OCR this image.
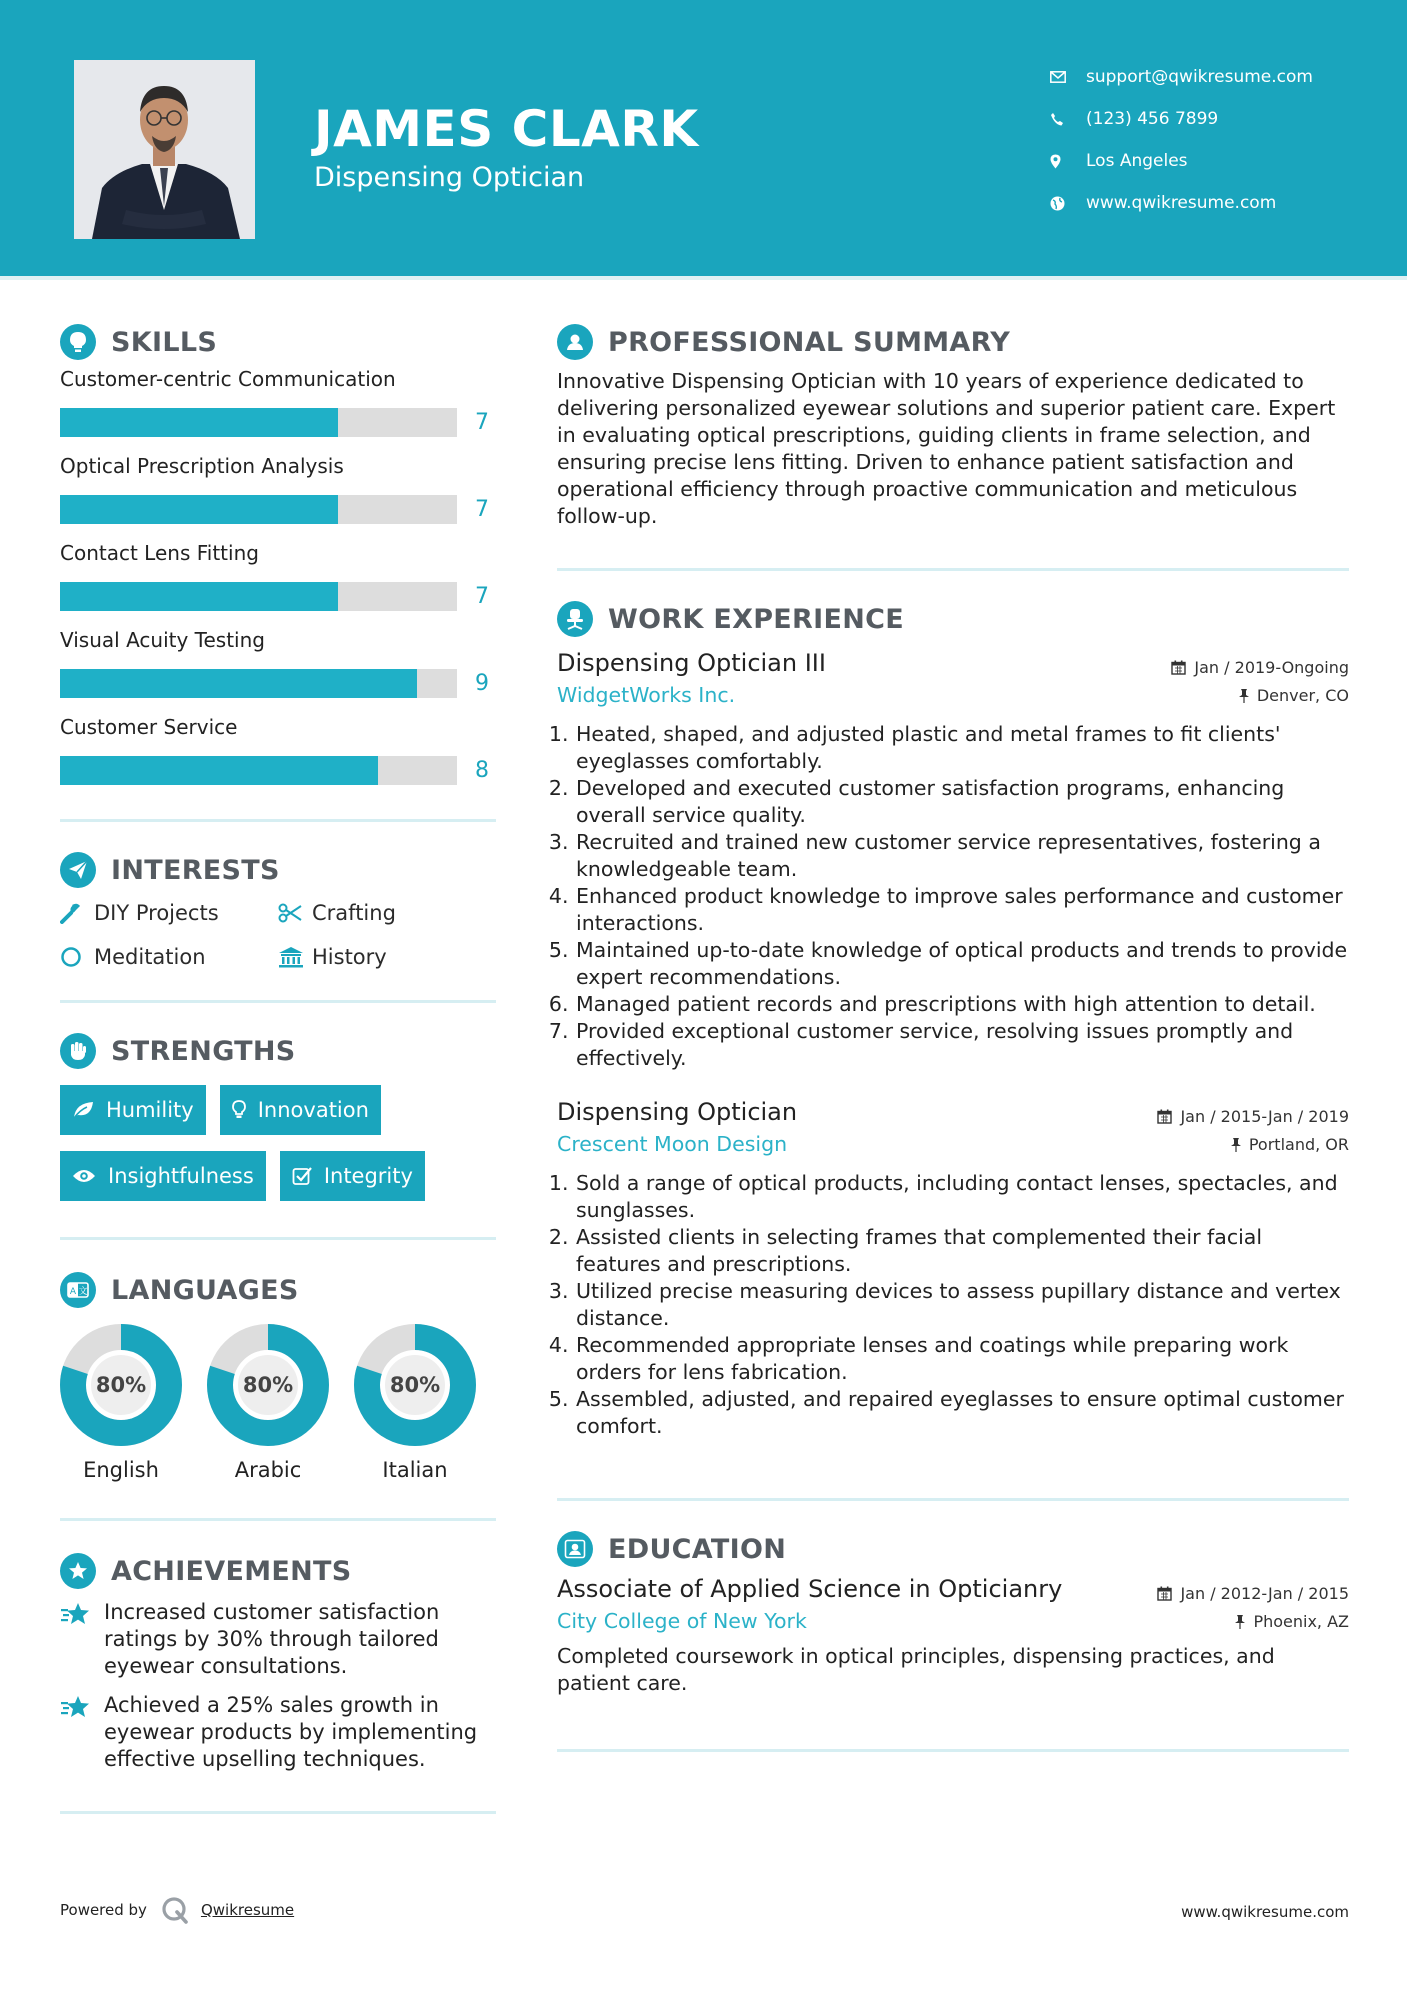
JAMES CLARK
Dispensing Optician
support@qwikresume.com
(123) 456 7899
Los Angeles
www.qwikresume.com
SKILLS
Customer-centric Communication
7
Optical Prescription Analysis
7
Contact Lens Fitting
7
Visual Acuity Testing
9
Customer Service
8
INTERESTS
DIY Projects	Crafting
Meditation	History
STRENGTHS
Humility	Innovation
Insightfulness	Integrity
A 文 LANGUAGES
80%
English
80%
Arabic
80%
Italian
ACHIEVEMENTS
Increased customer satisfaction ratings by 30% through tailored eyewear consultations.
Achieved a 25% sales growth in eyewear products by implementing effective upselling techniques.
PROFESSIONAL SUMMARY

Innovative Dispensing Optician with 10 years of experience dedicated to delivering personalized eyewear solutions and superior patient care. Expert in evaluating optical prescriptions, guiding clients in frame selection, and ensuring precise lens fitting. Driven to enhance patient satisfaction and operational efficiency through proactive communication and meticulous follow-up.

WORK EXPERIENCE
Dispensing Optician III	Jan / 2019-Ongoing
WidgetWorks Inc.	Denver, CO
1. Heated, shaped, and adjusted plastic and metal frames to fit clients' eyeglasses comfortably.
2. Developed and executed customer satisfaction programs, enhancing overall service quality.
3. Recruited and trained new customer service representatives, fostering a knowledgeable team.
4. Enhanced product knowledge to improve sales performance and customer interactions.
5. Maintained up-to-date knowledge of optical products and trends to provide expert recommendations.
6. Managed patient records and prescriptions with high attention to detail.
7. Provided exceptional customer service, resolving issues promptly and effectively.
Dispensing Optician	Jan / 2015-Jan / 2019
Crescent Moon Design	Portland, OR
1. Sold a range of optical products, including contact lenses, spectacles, and sunglasses.
2. Assisted clients in selecting frames that complemented their facial features and prescriptions.
3. Utilized precise measuring devices to assess pupillary distance and vertex distance.
4. Recommended appropriate lenses and coatings while preparing work orders for lens fabrication.
5. Assembled, adjusted, and repaired eyeglasses to ensure optimal customer comfort.
EDUCATION
Associate of Applied Science in Opticianry	Jan / 2012-Jan / 2015
City College of New York	Phoenix, AZ

Completed coursework in optical principles, dispensing practices, and patient care.

Powered by	Qwikresume	www.qwikresume.com
